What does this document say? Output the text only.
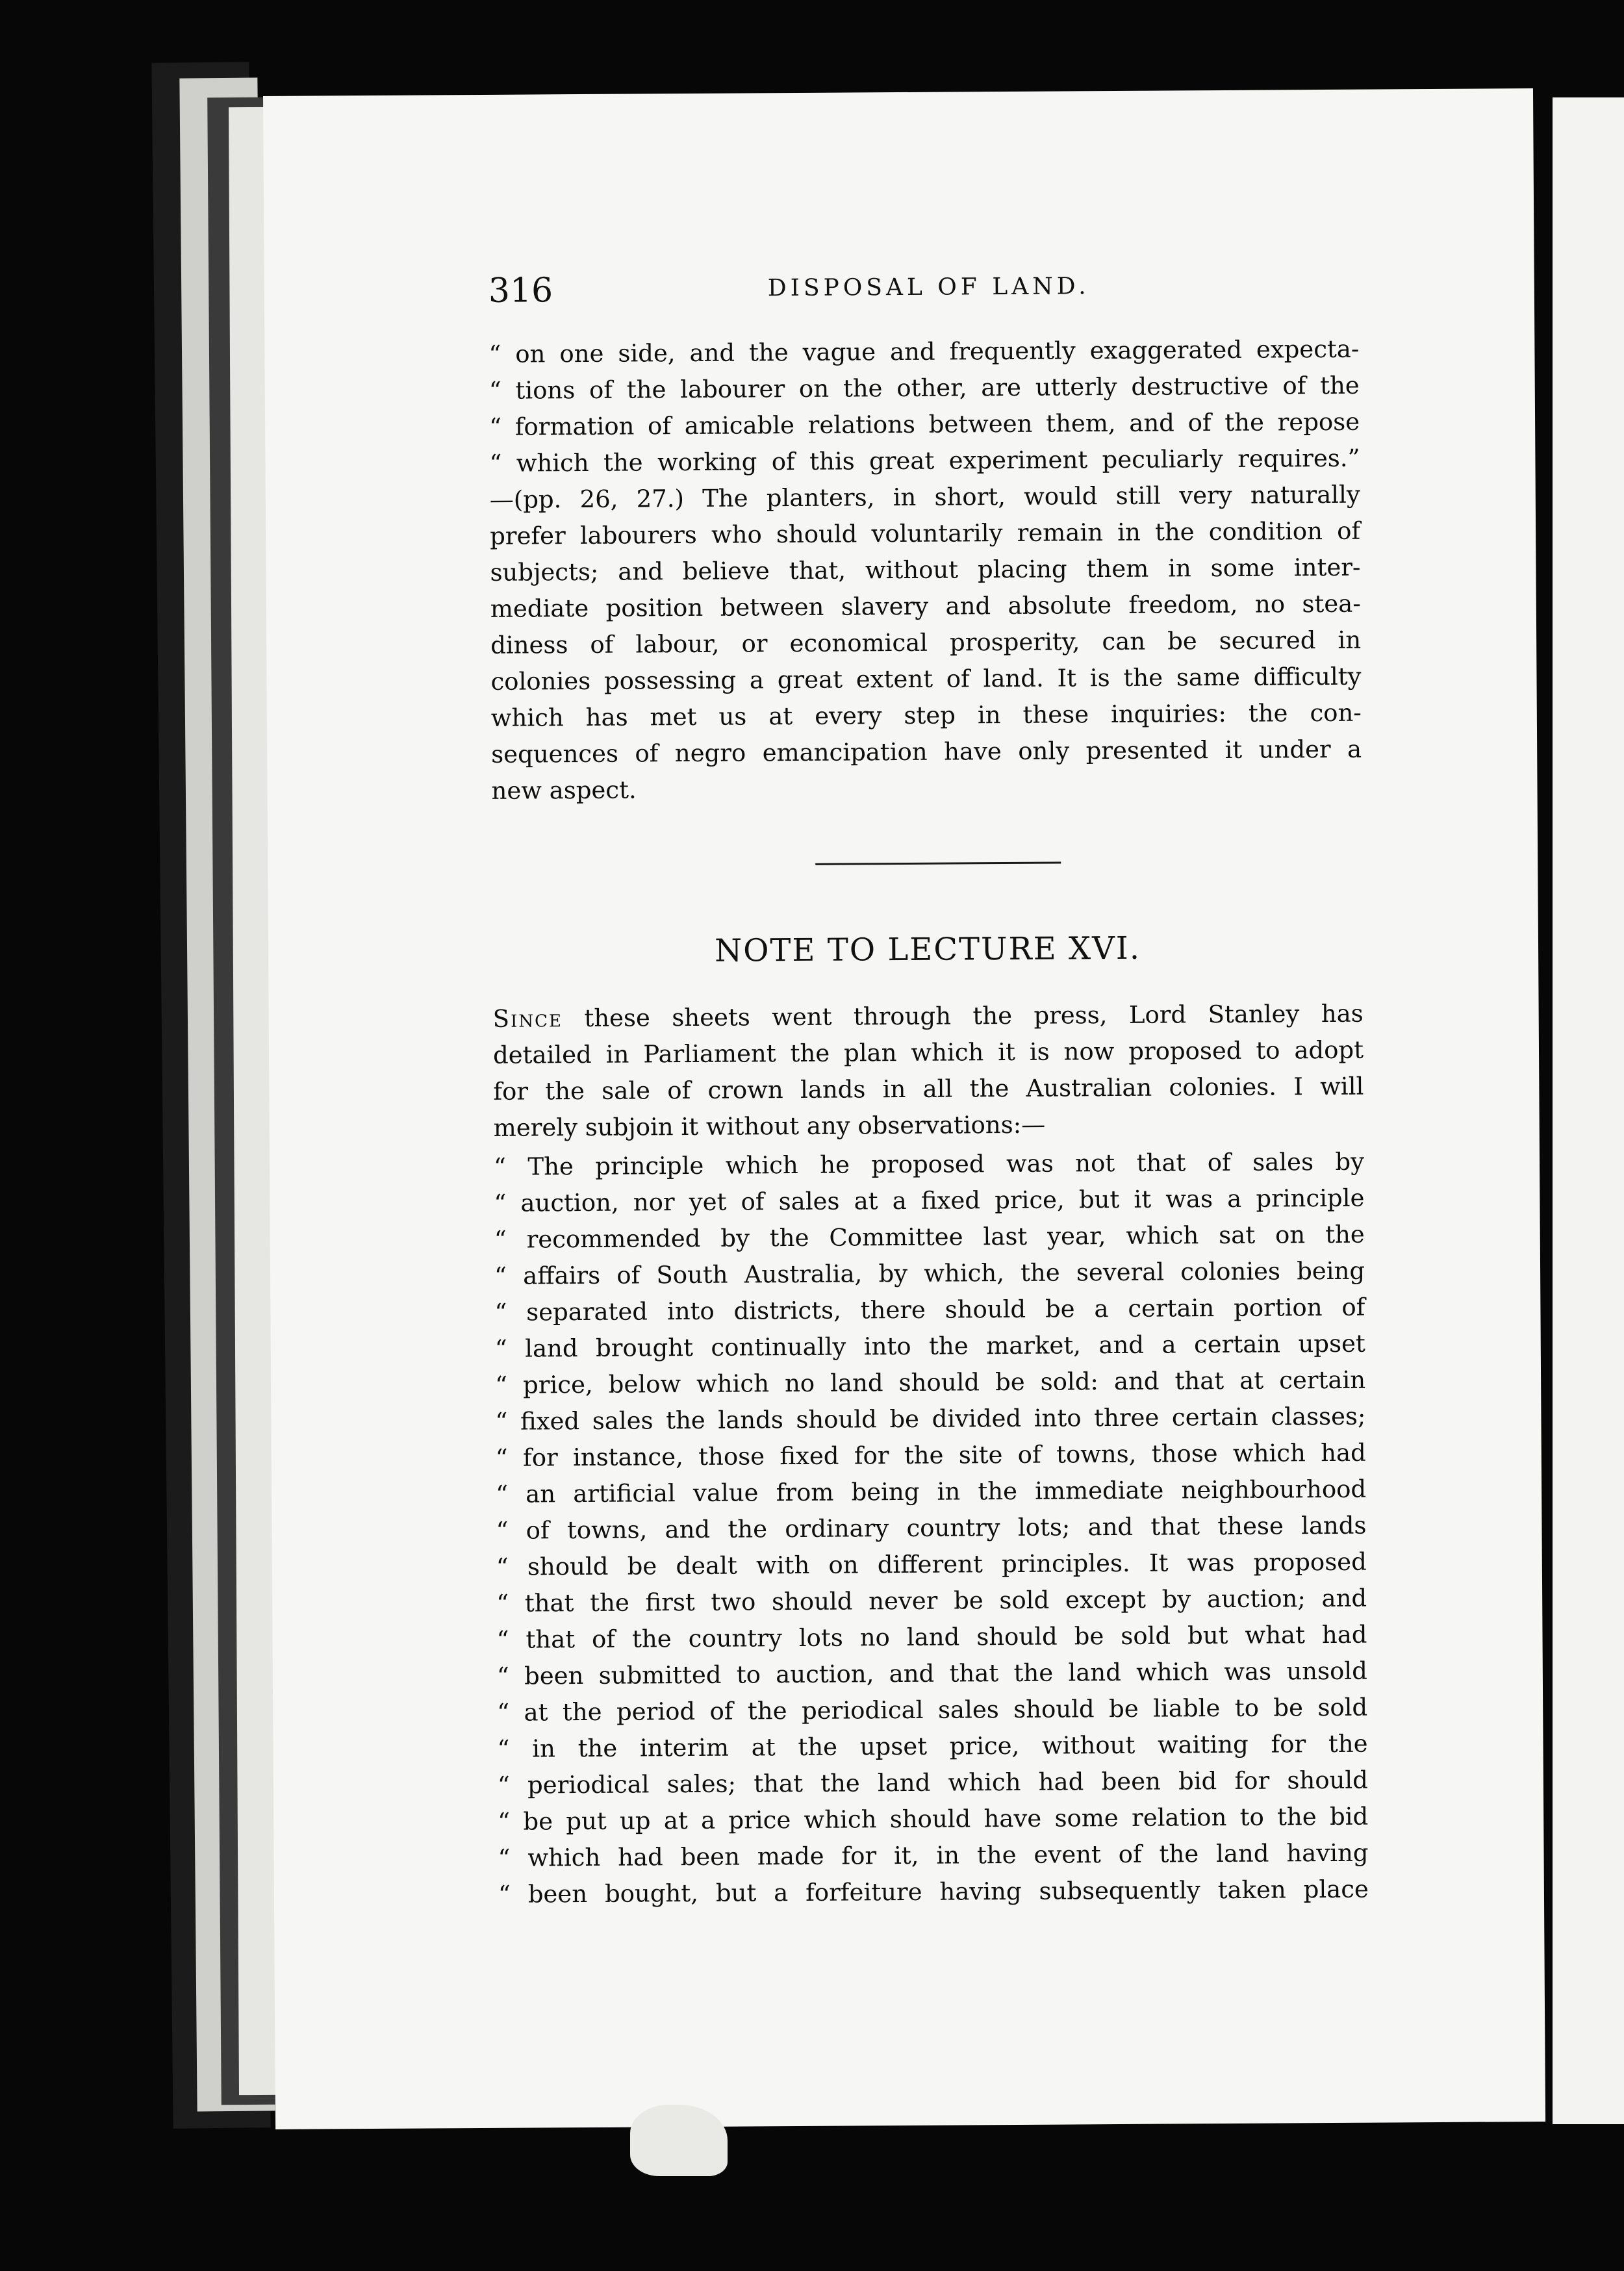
316	DISPOSAL OF LAND.
“ on one side, and the vague and frequently exaggerated expecta-
“ tions of the labourer on the other, are utterly destructive of the
“ formation of amicable relations between them, and of the repose
“ which the working of this great experiment peculiarly requires.”
—(pp. 26, 27.) The planters, in short, would still very naturally
prefer labourers who should voluntarily remain in the condition of
subjects; and believe that, without placing them in some inter-
mediate position between slavery and absolute freedom, no stea-
diness of labour, or economical prosperity, can be secured in
colonies possessing a great extent of land. It is the same difficulty
which has met us at every step in these inquiries: the con-
sequences of negro emancipation have only presented it under a
new aspect.
NOTE TO LECTURE XVI.
Since these sheets went through the press, Lord Stanley has
detailed in Parliament the plan which it is now proposed to adopt
for the sale of crown lands in all the Australian colonies. I will
merely subjoin it without any observations:—
“ The principle which he proposed was not that of sales by
“ auction, nor yet of sales at a fixed price, but it was a principle
“ recommended by the Committee last year, which sat on the
“ affairs of South Australia, by which, the several colonies being
“ separated into districts, there should be a certain portion of
“ land brought continually into the market, and a certain upset
“ price, below which no land should be sold: and that at certain
“ fixed sales the lands should be divided into three certain classes;
“ for instance, those fixed for the site of towns, those which had
“ an artificial value from being in the immediate neighbourhood
“ of towns, and the ordinary country lots; and that these lands
“ should be dealt with on different principles. It was proposed
“ that the first two should never be sold except by auction; and
“ that of the country lots no land should be sold but what had
“ been submitted to auction, and that the land which was unsold
“ at the period of the periodical sales should be liable to be sold
“ in the interim at the upset price, without waiting for the
“ periodical sales; that the land which had been bid for should
“ be put up at a price which should have some relation to the bid
“ which had been made for it, in the event of the land having
“ been bought, but a forfeiture having subsequently taken place
